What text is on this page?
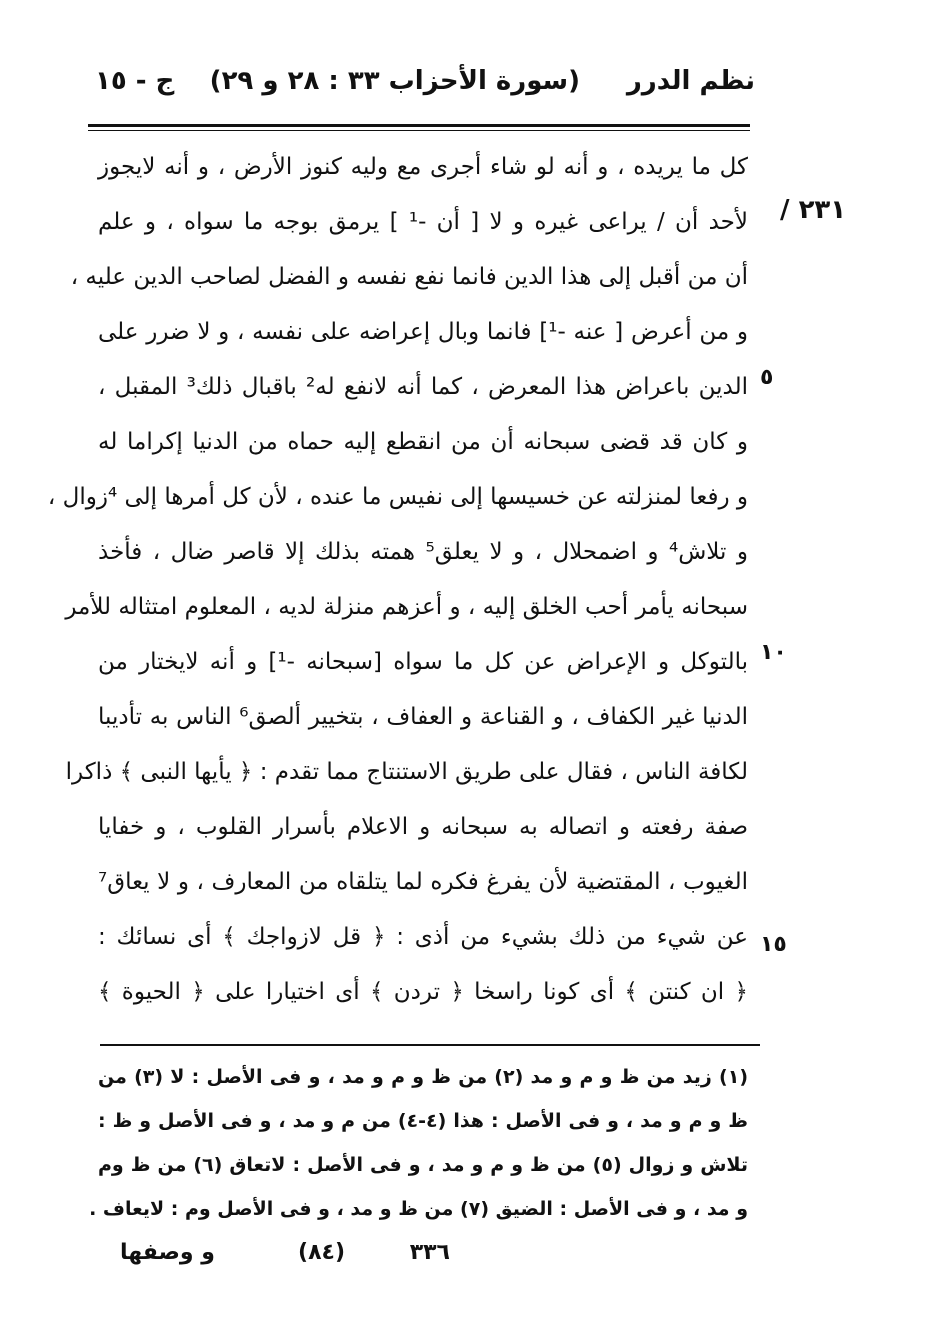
نظم الدرر
(سورة الأحزاب ٣٣ : ٢٨ و ٢٩)
ج - ١٥
٢٣١ /
٥
١٠
١٥
كل ما يريده ، و أنه لو شاء أجرى مع وليه كنوز الأرض ، و أنه لايجوز
لأحد أن / يراعى غيره و لا [ أن -¹ ] يرمق بوجه ما سواه ، و علم
أن من أقبل إلى هذا الدين فانما نفع نفسه و الفضل لصاحب الدين عليه ،
و من أعرض [ عنه -¹] فانما وبال إعراضه على نفسه ، و لا ضرر على
الدين باعراض هذا المعرض ، كما أنه لانفع له² باقبال ذلك³ المقبل ،
و كان قد قضى سبحانه أن من انقطع إليه حماه من الدنيا إكراما له
و رفعا لمنزلته عن خسيسها إلى نفيس ما عنده ، لأن كل أمرها إلى ⁴زوال ،
و تلاش⁴ و اضمحلال ، و لا يعلق⁵ همته بذلك إلا قاصر ضال ، فأخذ
سبحانه يأمر أحب الخلق إليه ، و أعزهم منزلة لديه ، المعلوم امتثاله للأمر
بالتوكل و الإعراض عن كل ما سواه [سبحانه -¹] و أنه لايختار من
الدنيا غير الكفاف ، و القناعة و العفاف ، بتخيير ألصق⁶ الناس به تأديبا
لكافة الناس ، فقال على طريق الاستنتاج مما تقدم : ﴿ يأيها النبى ﴾ ذاكرا
صفة رفعته و اتصاله به سبحانه و الاعلام بأسرار القلوب ، و خفايا
الغيوب ، المقتضية لأن يفرغ فكره لما يتلقاه من المعارف ، و لا يعاق⁷
عن شيء من ذلك بشيء من أذى : ﴿ قل لازواجك ﴾ أى نسائك :
﴿ ان كنتن ﴾ أى كونا راسخا ﴿ تردن ﴾ أى اختيارا على ﴿ الحيوة ﴾
(١) زيد من ظ و م و مد (٢) من ظ و م و مد ، و فى الأصل : لا (٣) من
ظ و م و مد ، و فى الأصل : هذا (٤-٤) من م و مد ، و فى الأصل و ظ :
تلاش و زوال (٥) من ظ و م و مد ، و فى الأصل : لاتعاق (٦) من ظ وم
و مد ، و فى الأصل : الضيق (٧) من ظ و مد ، و فى الأصل وم : لايعاف .
٣٣٦
(٨٤)
و وصفها
